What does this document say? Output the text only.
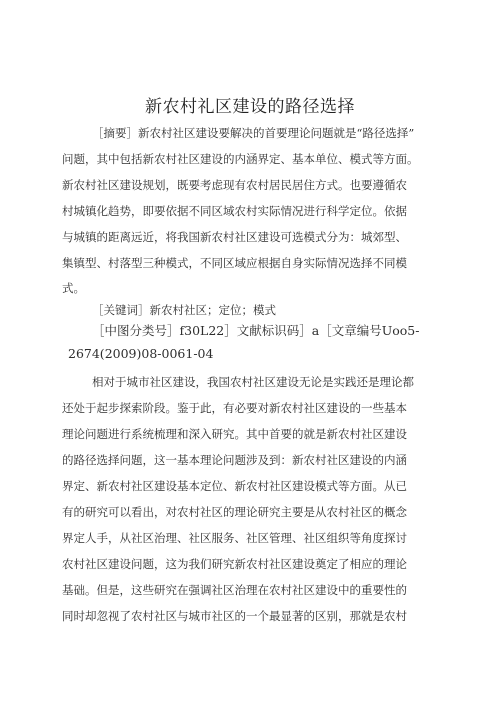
新农村礼区建设的路径选择
［摘要］新农村社区建设要解决的首要理论问题就是“路径选择”
问题，其中包括新农村社区建设的内涵界定、基本单位、模式等方面。
新农村社区建设规划，既要考虑现有农村居民居住方式。也要遵循农
村城镇化趋势，即要依据不同区域农村实际情况进行科学定位。依据
与城镇的距离远近，将我国新农村社区建设可选模式分为：城郊型、
集镇型、村落型三种模式，不同区域应根据自身实际情况选择不同模
式。
［关键词］新农村社区；定位；模式
［中图分类号］f30L22］文献标识码］a［文章编号Uoo5-
2674(2009)08-0061-04
相对于城市社区建设，我国农村社区建设无论是实践还是理论都
还处于起步探索阶段。鉴于此，有必要对新农村社区建设的一些基本
理论问题进行系统梳理和深入研究。其中首要的就是新农村社区建设
的路径选择问题，这一基本理论问题涉及到：新农村社区建设的内涵
界定、新农村社区建设基本定位、新农村社区建设模式等方面。从已
有的研究可以看出，对农村社区的理论研究主要是从农村社区的概念
界定人手，从社区治理、社区服务、社区管理、社区组织等角度探讨
农村社区建设问题，这为我们研究新农村社区建设奠定了相应的理论
基础。但是，这些研究在强调社区治理在农村社区建设中的重要性的
同时却忽视了农村社区与城市社区的一个最显著的区别，那就是农村
